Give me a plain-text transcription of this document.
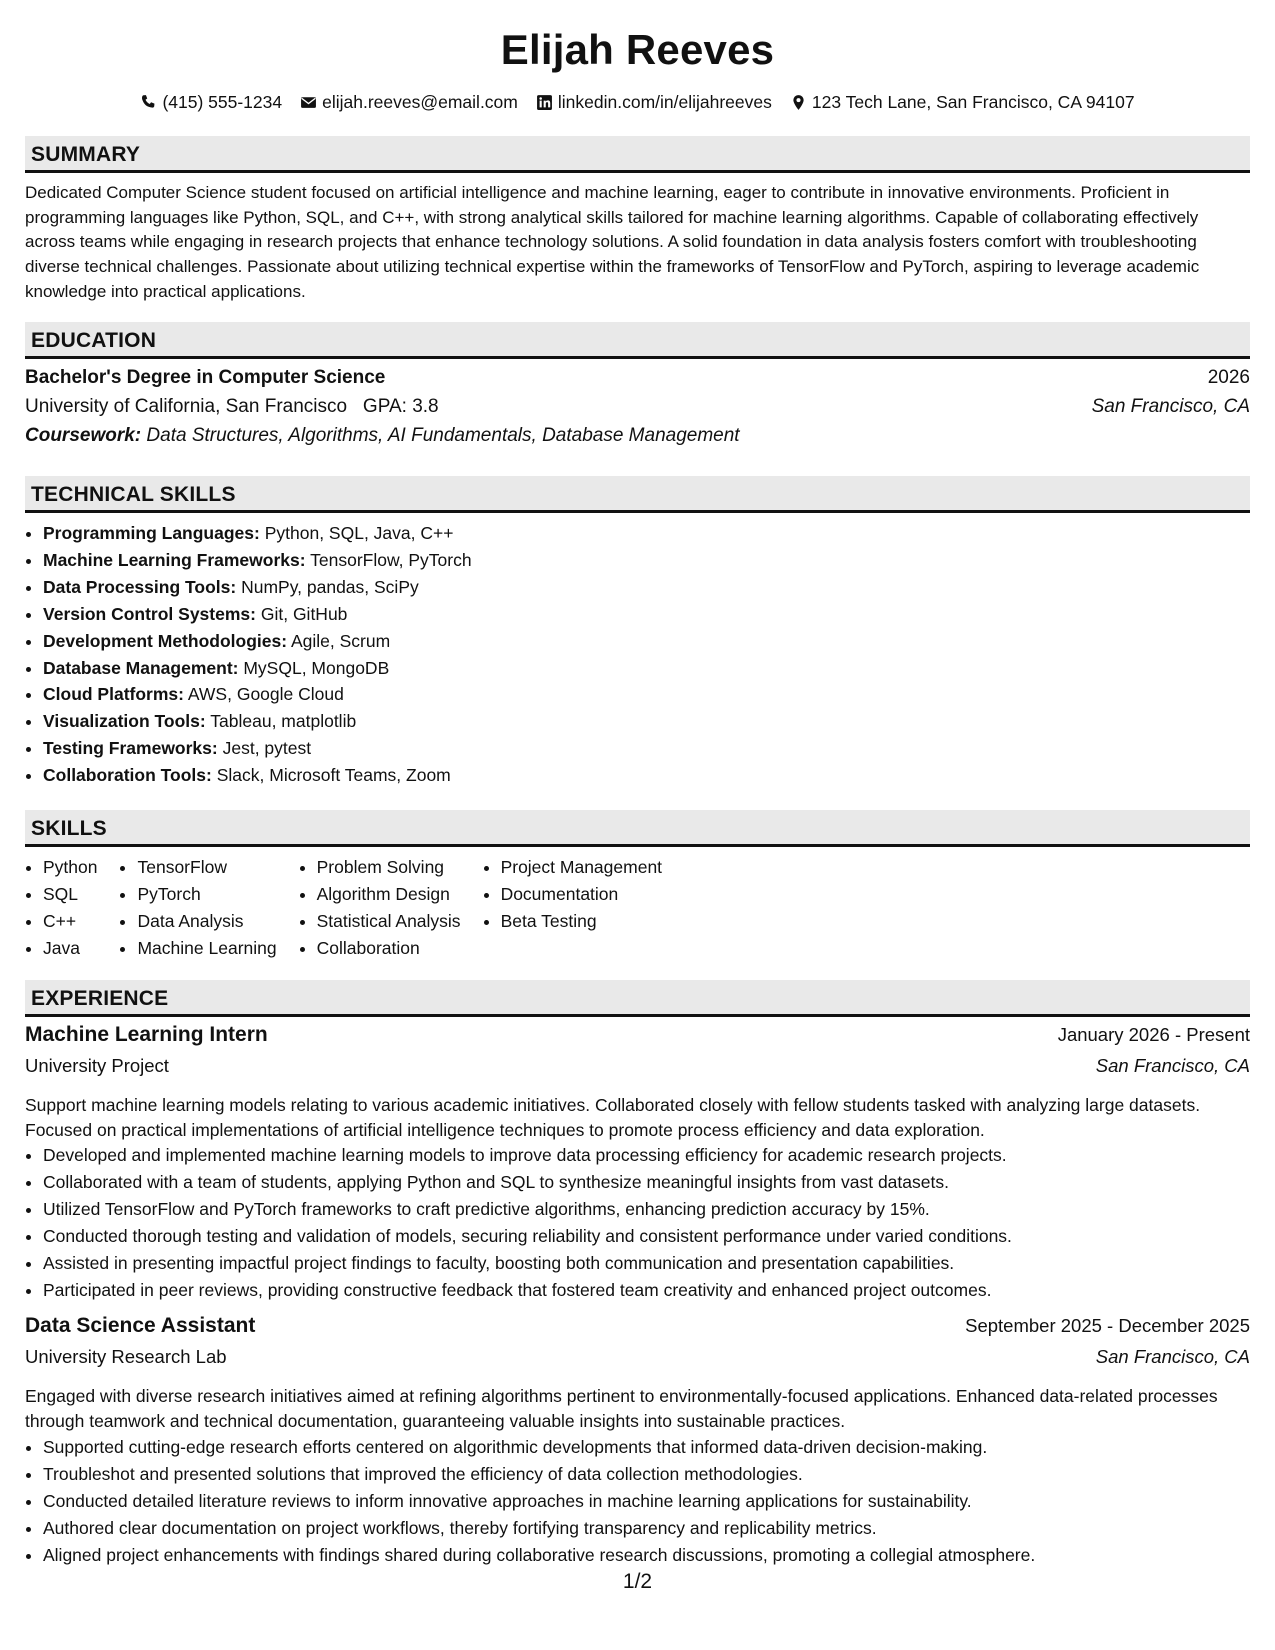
Elijah Reeves
(415) 555-1234 elijah.reeves@email.com linkedin.com/in/elijahreeves 123 Tech Lane, San Francisco, CA 94107
SUMMARY

Dedicated Computer Science student focused on artificial intelligence and machine learning, eager to contribute in innovative environments. Proficient in programming languages like Python, SQL, and C++, with strong analytical skills tailored for machine learning algorithms. Capable of collaborating effectively across teams while engaging in research projects that enhance technology solutions. A solid foundation in data analysis fosters comfort with troubleshooting diverse technical challenges. Passionate about utilizing technical expertise within the frameworks of TensorFlow and PyTorch, aspiring to leverage academic knowledge into practical applications.

EDUCATION
Bachelor's Degree in Computer Science	2026
University of California, San Francisco GPA: 3.8	San Francisco, CA
Coursework: Data Structures, Algorithms, AI Fundamentals, Database Management
TECHNICAL SKILLS
• Programming Languages: Python, SQL, Java, C++
• Machine Learning Frameworks: TensorFlow, PyTorch
• Data Processing Tools: NumPy, pandas, SciPy
• Version Control Systems: Git, GitHub
• Development Methodologies: Agile, Scrum
• Database Management: MySQL, MongoDB
• Cloud Platforms: AWS, Google Cloud
• Visualization Tools: Tableau, matplotlib
• Testing Frameworks: Jest, pytest
• Collaboration Tools: Slack, Microsoft Teams, Zoom
SKILLS
• Python
• SQL
• C++
• Java
• TensorFlow
• PyTorch
• Data Analysis
• Machine Learning
• Problem Solving
• Algorithm Design
• Statistical Analysis
• Collaboration
• Project Management
• Documentation
• Beta Testing
EXPERIENCE
Machine Learning Intern	January 2026 - Present
University Project	San Francisco, CA

Support machine learning models relating to various academic initiatives. Collaborated closely with fellow students tasked with analyzing large datasets. Focused on practical implementations of artificial intelligence techniques to promote process efficiency and data exploration.

• Developed and implemented machine learning models to improve data processing efficiency for academic research projects.
• Collaborated with a team of students, applying Python and SQL to synthesize meaningful insights from vast datasets.
• Utilized TensorFlow and PyTorch frameworks to craft predictive algorithms, enhancing prediction accuracy by 15%.
• Conducted thorough testing and validation of models, securing reliability and consistent performance under varied conditions.
• Assisted in presenting impactful project findings to faculty, boosting both communication and presentation capabilities.
• Participated in peer reviews, providing constructive feedback that fostered team creativity and enhanced project outcomes.
Data Science Assistant	September 2025 - December 2025
University Research Lab	San Francisco, CA

Engaged with diverse research initiatives aimed at refining algorithms pertinent to environmentally-focused applications. Enhanced data-related processes through teamwork and technical documentation, guaranteeing valuable insights into sustainable practices.

• Supported cutting-edge research efforts centered on algorithmic developments that informed data-driven decision-making.
• Troubleshot and presented solutions that improved the efficiency of data collection methodologies.
• Conducted detailed literature reviews to inform innovative approaches in machine learning applications for sustainability.
• Authored clear documentation on project workflows, thereby fortifying transparency and replicability metrics.
• Aligned project enhancements with findings shared during collaborative research discussions, promoting a collegial atmosphere.
1/2
